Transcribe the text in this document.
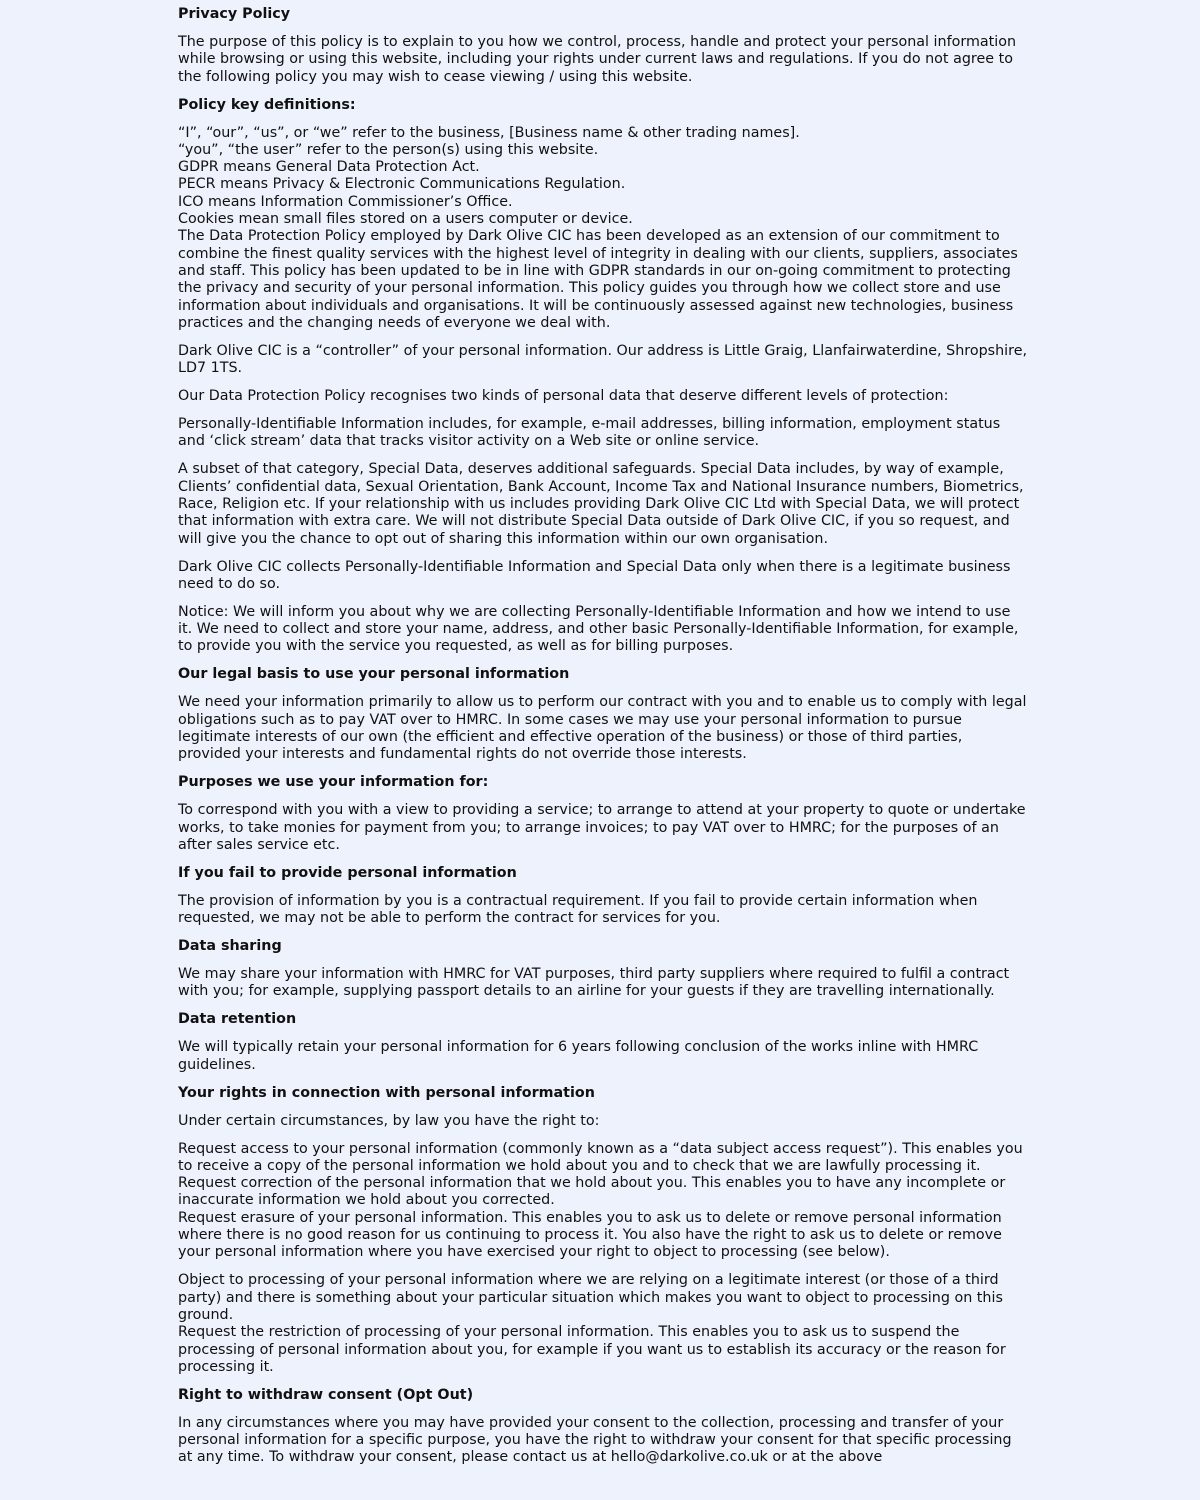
Privacy Policy

The purpose of this policy is to explain to you how we control, process, handle and protect your personal information while browsing or using this website, including your rights under current laws and regulations. If you do not agree to the following policy you may wish to cease viewing / using this website.

Policy key definitions:

“I”, “our”, “us”, or “we” refer to the business, [Business name & other trading names].
“you”, “the user” refer to the person(s) using this website.
GDPR means General Data Protection Act.
PECR means Privacy & Electronic Communications Regulation.
ICO means Information Commissioner’s Office.
Cookies mean small files stored on a users computer or device.
The Data Protection Policy employed by Dark Olive CIC has been developed as an extension of our commitment to combine the finest quality services with the highest level of integrity in dealing with our clients, suppliers, associates and staff. This policy has been updated to be in line with GDPR standards in our on-going commitment to protecting the privacy and security of your personal information. This policy guides you through how we collect store and use information about individuals and organisations. It will be continuously assessed against new technologies, business practices and the changing needs of everyone we deal with.

Dark Olive CIC is a “controller” of your personal information. Our address is Little Graig, Llanfairwaterdine, Shropshire, LD7 1TS.

Our Data Protection Policy recognises two kinds of personal data that deserve different levels of protection:

Personally-Identifiable Information includes, for example, e-mail addresses, billing information, employment status and ‘click stream’ data that tracks visitor activity on a Web site or online service.

A subset of that category, Special Data, deserves additional safeguards. Special Data includes, by way of example, Clients’ confidential data, Sexual Orientation, Bank Account, Income Tax and National Insurance numbers, Biometrics, Race, Religion etc. If your relationship with us includes providing Dark Olive CIC Ltd with Special Data, we will protect that information with extra care. We will not distribute Special Data outside of Dark Olive CIC, if you so request, and will give you the chance to opt out of sharing this information within our own organisation.

Dark Olive CIC collects Personally-Identifiable Information and Special Data only when there is a legitimate business need to do so.

Notice: We will inform you about why we are collecting Personally-Identifiable Information and how we intend to use it. We need to collect and store your name, address, and other basic Personally-Identifiable Information, for example, to provide you with the service you requested, as well as for billing purposes.

Our legal basis to use your personal information

We need your information primarily to allow us to perform our contract with you and to enable us to comply with legal obligations such as to pay VAT over to HMRC. In some cases we may use your personal information to pursue legitimate interests of our own (the efficient and effective operation of the business) or those of third parties, provided your interests and fundamental rights do not override those interests.

Purposes we use your information for:

To correspond with you with a view to providing a service; to arrange to attend at your property to quote or undertake works, to take monies for payment from you; to arrange invoices; to pay VAT over to HMRC; for the purposes of an after sales service etc.

If you fail to provide personal information

The provision of information by you is a contractual requirement. If you fail to provide certain information when requested, we may not be able to perform the contract for services for you.

Data sharing

We may share your information with HMRC for VAT purposes, third party suppliers where required to fulfil a contract with you; for example, supplying passport details to an airline for your guests if they are travelling internationally.

Data retention

We will typically retain your personal information for 6 years following conclusion of the works inline with HMRC guidelines.

Your rights in connection with personal information

Under certain circumstances, by law you have the right to:

Request access to your personal information (commonly known as a “data subject access request”). This enables you to receive a copy of the personal information we hold about you and to check that we are lawfully processing it.
Request correction of the personal information that we hold about you. This enables you to have any incomplete or inaccurate information we hold about you corrected.
Request erasure of your personal information. This enables you to ask us to delete or remove personal information where there is no good reason for us continuing to process it. You also have the right to ask us to delete or remove your personal information where you have exercised your right to object to processing (see below).

Object to processing of your personal information where we are relying on a legitimate interest (or those of a third party) and there is something about your particular situation which makes you want to object to processing on this ground.
Request the restriction of processing of your personal information. This enables you to ask us to suspend the processing of personal information about you, for example if you want us to establish its accuracy or the reason for processing it.

Right to withdraw consent (Opt Out)

In any circumstances where you may have provided your consent to the collection, processing and transfer of your personal information for a specific purpose, you have the right to withdraw your consent for that specific processing at any time. To withdraw your consent, please contact us at hello@darkolive.co.uk or at the above
